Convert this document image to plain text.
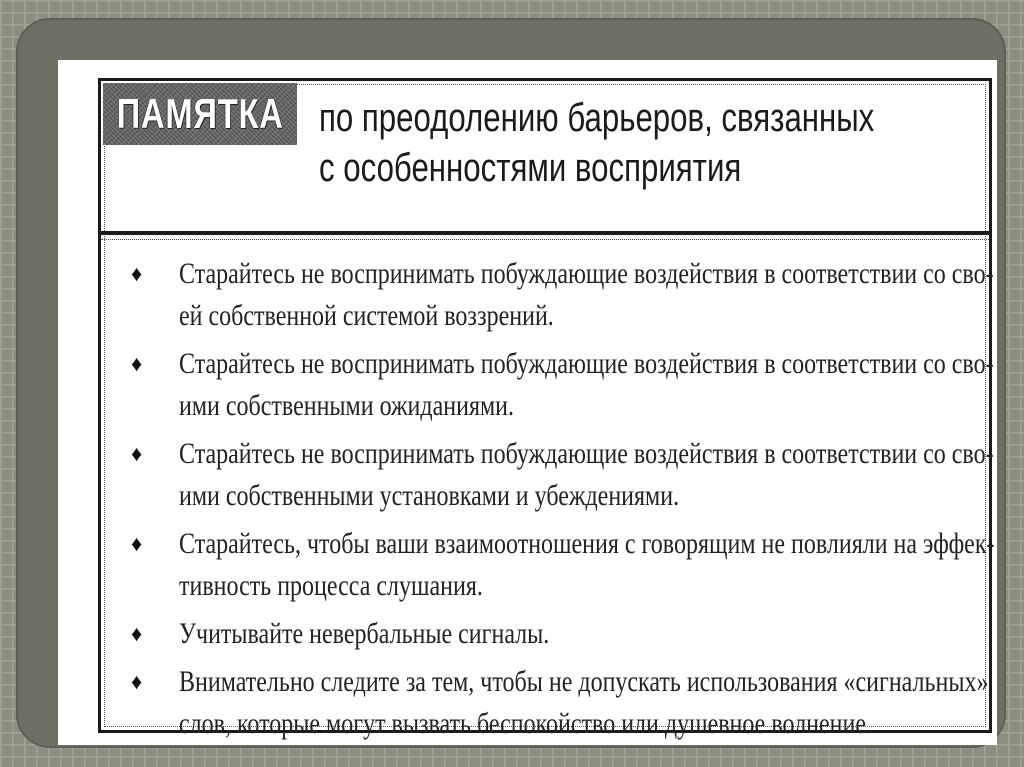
ПАМЯТКА по преодолению барьеров, связанных
с особенностями восприятия
♦ Старайтесь не воспринимать побуждающие воздействия в соответствии со сво-
ей собственной системой воззрений.
♦ Старайтесь не воспринимать побуждающие воздействия в соответствии со сво-
ими собственными ожиданиями.
♦ Старайтесь не воспринимать побуждающие воздействия в соответствии со сво-
ими собственными установками и убеждениями.
♦ Старайтесь, чтобы ваши взаимоотношения с говорящим не повлияли на эффек-
тивность процесса слушания.
♦ Учитывайте невербальные сигналы.
♦ Внимательно следите за тем, чтобы не допускать использования «сигнальных»
слов, которые могут вызвать беспокойство или душевное волнение.
